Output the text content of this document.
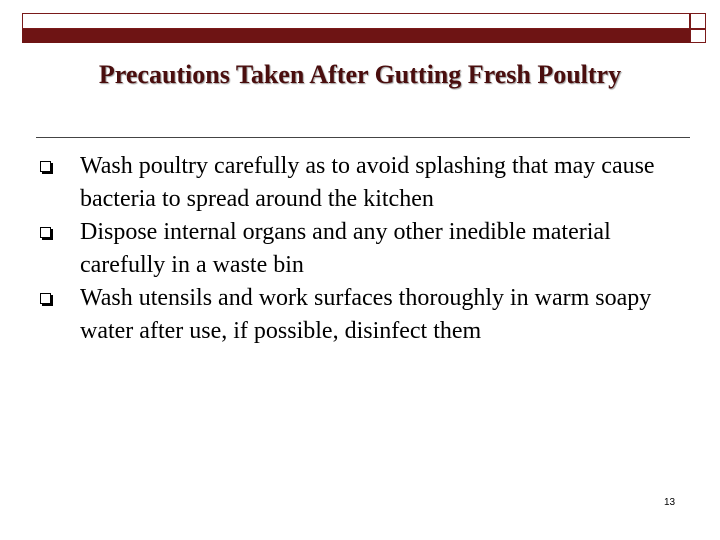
Precautions Taken After Gutting Fresh Poultry
Wash poultry carefully as to avoid splashing that may cause bacteria to spread around the kitchen
Dispose internal organs and any other inedible material carefully in a waste bin
Wash utensils and work surfaces thoroughly in warm soapy water after use, if possible, disinfect them
13
